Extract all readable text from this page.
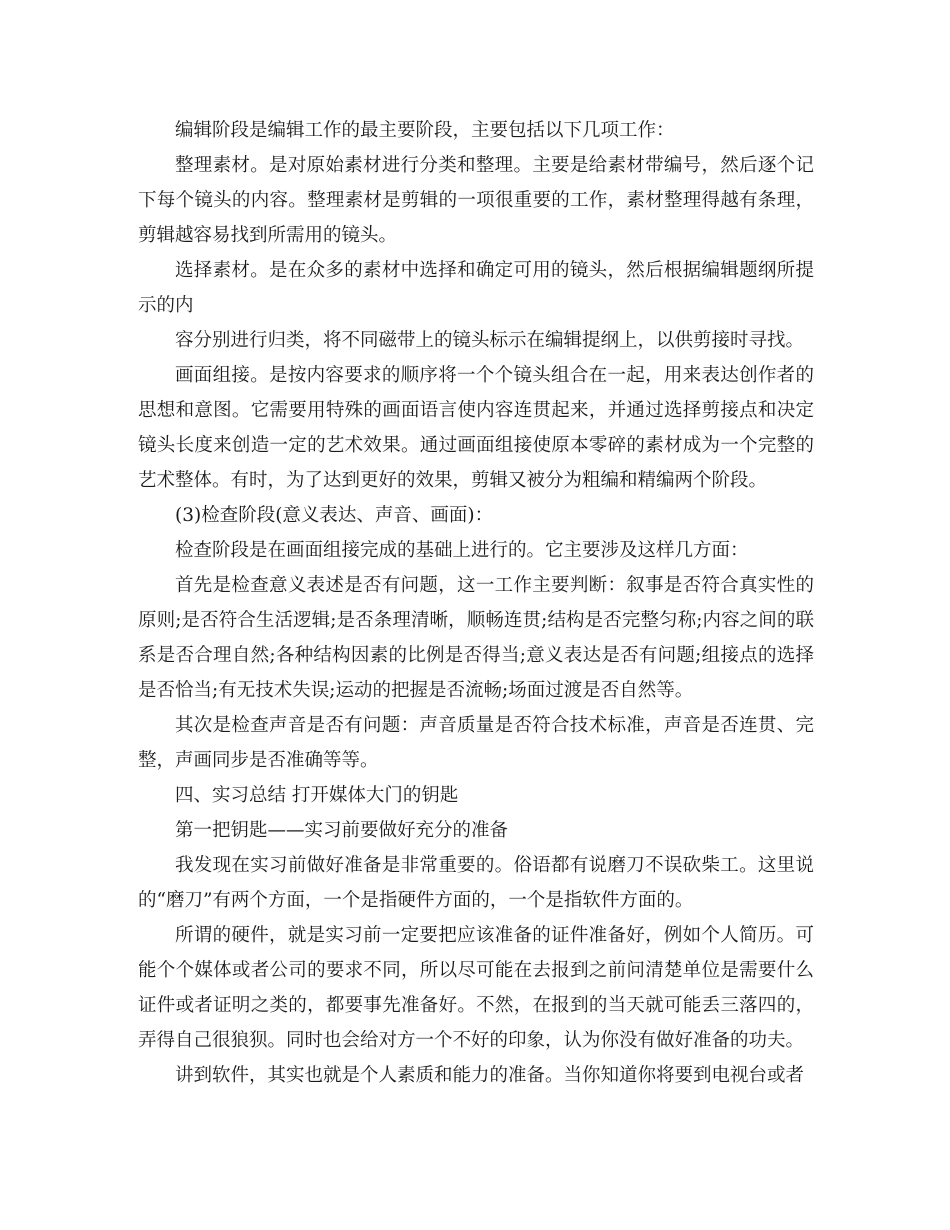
编辑阶段是编辑工作的最主要阶段，主要包括以下几项工作：

整理素材。是对原始素材进行分类和整理。主要是给素材带编号，然后逐个记下每个镜头的内容。整理素材是剪辑的一项很重要的工作，素材整理得越有条理，剪辑越容易找到所需用的镜头。

选择素材。是在众多的素材中选择和确定可用的镜头，然后根据编辑题纲所提示的内

容分别进行归类，将不同磁带上的镜头标示在编辑提纲上，以供剪接时寻找。

画面组接。是按内容要求的顺序将一个个镜头组合在一起，用来表达创作者的思想和意图。它需要用特殊的画面语言使内容连贯起来，并通过选择剪接点和决定镜头长度来创造一定的艺术效果。通过画面组接使原本零碎的素材成为一个完整的艺术整体。有时，为了达到更好的效果，剪辑又被分为粗编和精编两个阶段。

(3)检查阶段(意义表达、声音、画面)：

检查阶段是在画面组接完成的基础上进行的。它主要涉及这样几方面：

首先是检查意义表述是否有问题，这一工作主要判断：叙事是否符合真实性的原则;是否符合生活逻辑;是否条理清晰，顺畅连贯;结构是否完整匀称;内容之间的联系是否合理自然;各种结构因素的比例是否得当;意义表达是否有问题;组接点的选择是否恰当;有无技术失误;运动的把握是否流畅;场面过渡是否自然等。

其次是检查声音是否有问题：声音质量是否符合技术标准，声音是否连贯、完整，声画同步是否准确等等。

四、实习总结 打开媒体大门的钥匙

第一把钥匙——实习前要做好充分的准备

我发现在实习前做好准备是非常重要的。俗语都有说磨刀不误砍柴工。这里说的“磨刀”有两个方面，一个是指硬件方面的，一个是指软件方面的。

所谓的硬件，就是实习前一定要把应该准备的证件准备好，例如个人简历。可能个个媒体或者公司的要求不同，所以尽可能在去报到之前问清楚单位是需要什么证件或者证明之类的，都要事先准备好。不然，在报到的当天就可能丢三落四的，弄得自己很狼狈。同时也会给对方一个不好的印象，认为你没有做好准备的功夫。

讲到软件，其实也就是个人素质和能力的准备。当你知道你将要到电视台或者
